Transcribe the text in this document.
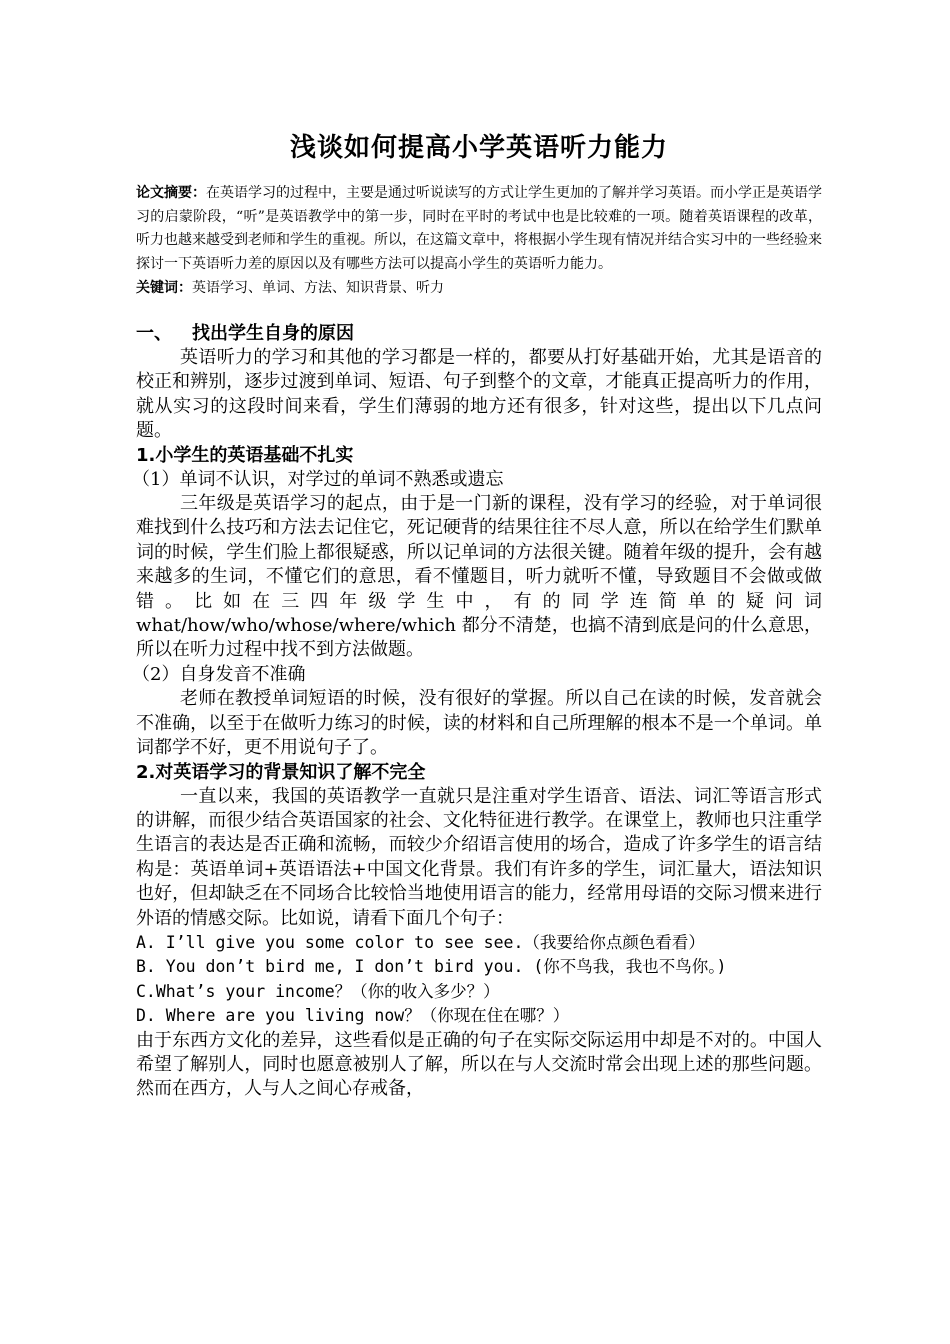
浅谈如何提高小学英语听力能力

论文摘要：在英语学习的过程中，主要是通过听说读写的方式让学生更加的了解并学习英语。而小学正是英语学习的启蒙阶段，“听”是英语教学中的第一步，同时在平时的考试中也是比较难的一项。随着英语课程的改革，听力也越来越受到老师和学生的重视。所以，在这篇文章中，将根据小学生现有情况并结合实习中的一些经验来探讨一下英语听力差的原因以及有哪些方法可以提高小学生的英语听力能力。

关键词：英语学习、单词、方法、知识背景、听力

一、 找出学生自身的原因

英语听力的学习和其他的学习都是一样的，都要从打好基础开始，尤其是语音的校正和辨别，逐步过渡到单词、短语、句子到整个的文章，才能真正提高听力的作用，就从实习的这段时间来看，学生们薄弱的地方还有很多，针对这些，提出以下几点问题。

1.小学生的英语基础不扎实

（1）单词不认识，对学过的单词不熟悉或遗忘

三年级是英语学习的起点，由于是一门新的课程，没有学习的经验，对于单词很难找到什么技巧和方法去记住它，死记硬背的结果往往不尽人意，所以在给学生们默单词的时候，学生们脸上都很疑惑，所以记单词的方法很关键。随着年级的提升，会有越来越多的生词，不懂它们的意思，看不懂题目，听力就听不懂，导致题目不会做或做错。比如在三四年级学生中，有的同学连简单的疑问词 what/how/who/whose/where/which 都分不清楚，也搞不清到底是问的什么意思，所以在听力过程中找不到方法做题。

（2）自身发音不准确

老师在教授单词短语的时候，没有很好的掌握。所以自己在读的时候，发音就会不准确，以至于在做听力练习的时候，读的材料和自己所理解的根本不是一个单词。单词都学不好，更不用说句子了。

2.对英语学习的背景知识了解不完全

一直以来，我国的英语教学一直就只是注重对学生语音、语法、词汇等语言形式的讲解，而很少结合英语国家的社会、文化特征进行教学。在课堂上，教师也只注重学生语言的表达是否正确和流畅，而较少介绍语言使用的场合，造成了许多学生的语言结构是：英语单词+英语语法+中国文化背景。我们有许多的学生，词汇量大，语法知识也好，但却缺乏在不同场合比较恰当地使用语言的能力，经常用母语的交际习惯来进行外语的情感交际。比如说，请看下面几个句子：

A. I’ll give you some color to see see.（我要给你点颜色看看）

B. You don’t bird me, I don’t bird you. (你不鸟我，我也不鸟你。)

C.What’s your income？（你的收入多少？）

D. Where are you living now？（你现在住在哪？）

由于东西方文化的差异，这些看似是正确的句子在实际交际运用中却是不对的。中国人希望了解别人，同时也愿意被别人了解，所以在与人交流时常会出现上述的那些问题。然而在西方，人与人之间心存戒备，
